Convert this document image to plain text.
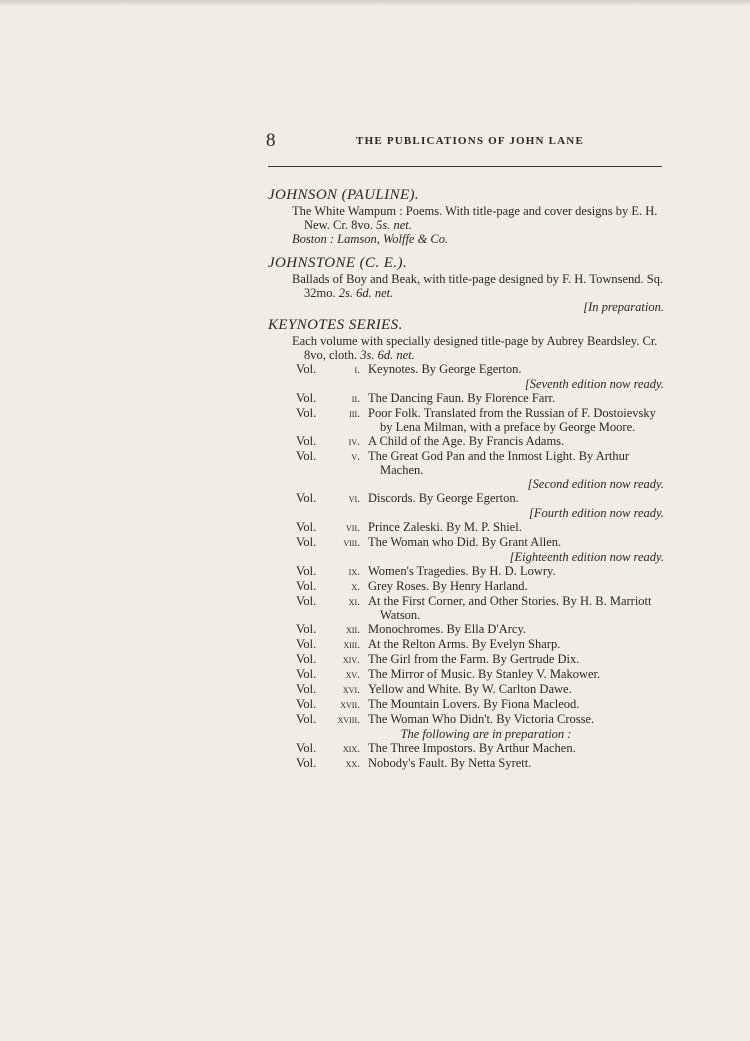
8	THE PUBLICATIONS OF JOHN LANE
JOHNSON (PAULINE).
The White Wampum : Poems. With title-page and cover designs by E. H. New. Cr. 8vo. 5s. net.
Boston : Lamson, Wolffe & Co.
JOHNSTONE (C. E.).
Ballads of Boy and Beak, with title-page designed by F. H. Townsend. Sq. 32mo. 2s. 6d. net.
[In preparation.
KEYNOTES SERIES.
Each volume with specially designed title-page by Aubrey Beardsley. Cr. 8vo, cloth. 3s. 6d. net.
Vol.	i. Keynotes. By George Egerton.
[Seventh edition now ready.
Vol.	ii. The Dancing Faun. By Florence Farr.
Vol.	iii. Poor Folk. Translated from the Russian of F. Dostoievsky by Lena Milman, with a preface by George Moore.
Vol.	iv. A Child of the Age. By Francis Adams.
Vol.	v. The Great God Pan and the Inmost Light. By Arthur Machen.
[Second edition now ready.
Vol.	vi. Discords. By George Egerton.
[Fourth edition now ready.
Vol.	vii. Prince Zaleski. By M. P. Shiel.
Vol.	viii. The Woman who Did. By Grant Allen.
[Eighteenth edition now ready.
Vol.	ix. Women's Tragedies. By H. D. Lowry.
Vol.	x. Grey Roses. By Henry Harland.
Vol.	xi. At the First Corner, and Other Stories. By H. B. Marriott Watson.
Vol.	xii. Monochromes. By Ella D'Arcy.
Vol.	xiii. At the Relton Arms. By Evelyn Sharp.
Vol.	xiv. The Girl from the Farm. By Gertrude Dix.
Vol.	xv. The Mirror of Music. By Stanley V. Makower.
Vol.	xvi. Yellow and White. By W. Carlton Dawe.
Vol.	xvii. The Mountain Lovers. By Fiona Macleod.
Vol.	xviii. The Woman Who Didn't. By Victoria Crosse.
The following are in preparation :
Vol.	xix. The Three Impostors. By Arthur Machen.
Vol.	xx. Nobody's Fault. By Netta Syrett.
